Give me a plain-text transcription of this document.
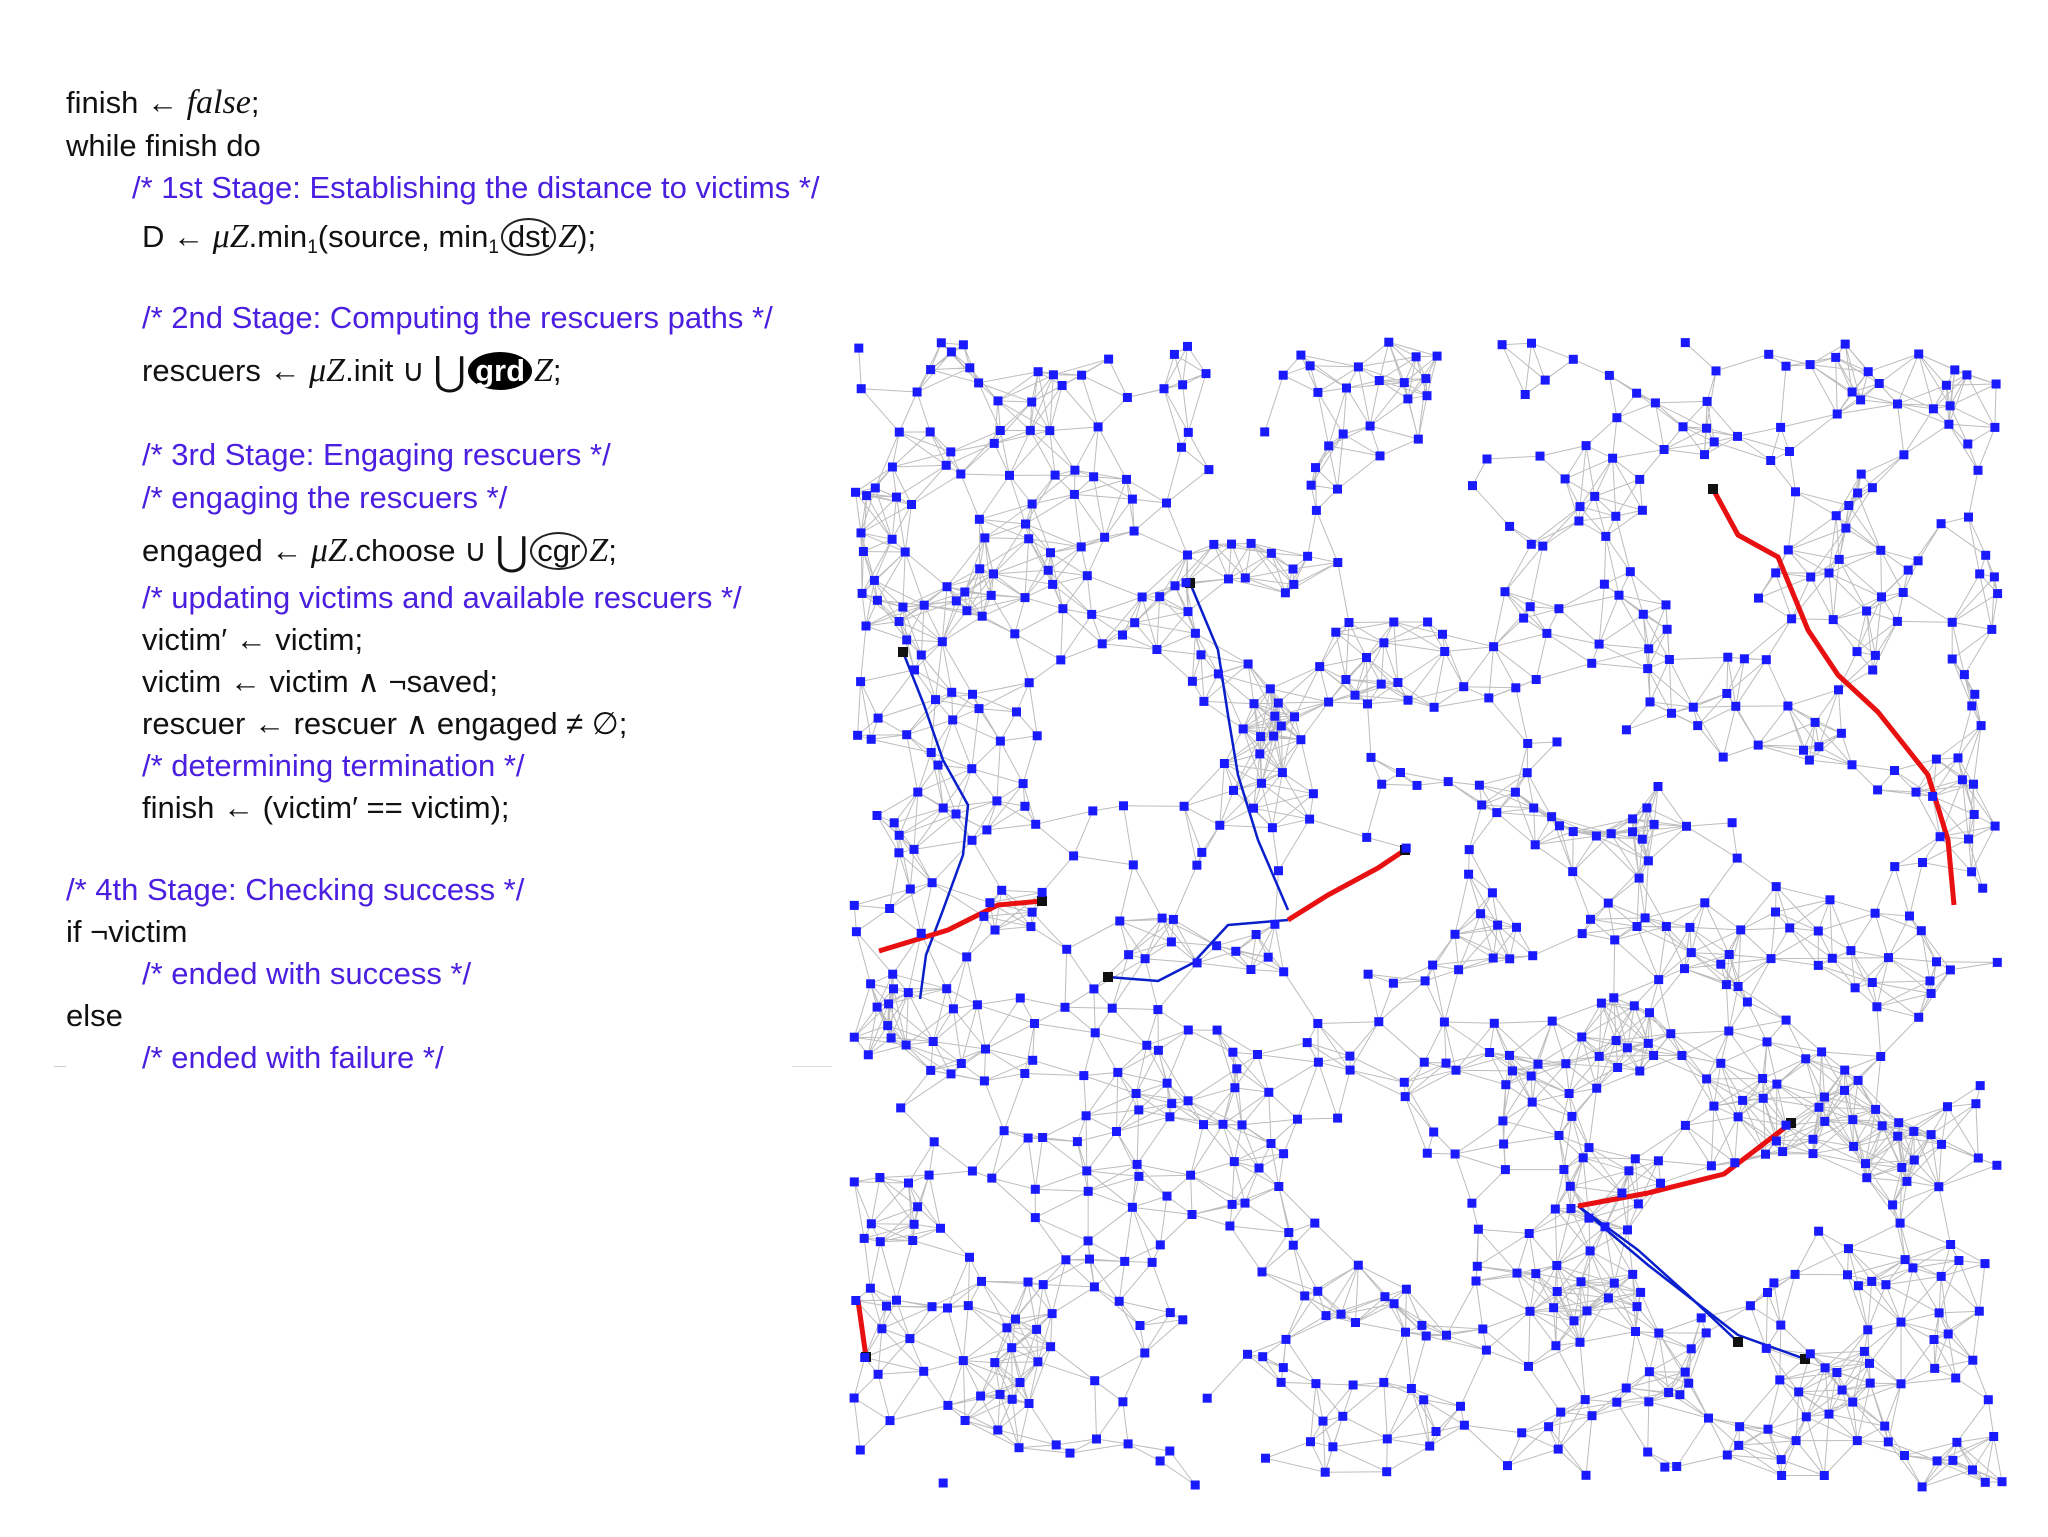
finish ← false;
while finish do
/* 1st Stage: Establishing the distance to victims */
D ← $\mu Z.\min_1(source$, $\min_1$ dst Z);
/* 2nd Stage: Computing the rescuers paths */
rescuers ← μZ.init ∪ ⋃ grd Z;
/* 3rd Stage: Engaging rescuers */
/* engaging the rescuers */
engaged ← μZ.choose ∪ ⋃ cgr Z;
/* updating victims and available rescuers */
victim′ ← victim;
victim ← victim ∧ ¬saved;
rescuer ← rescuer ∧ engaged ≠ ∅;
/* determining termination */
finish ← (victim′ == victim);
/* 4th Stage: Checking success */
if ¬victim
/* ended with success */
else
/* ended with failure */
